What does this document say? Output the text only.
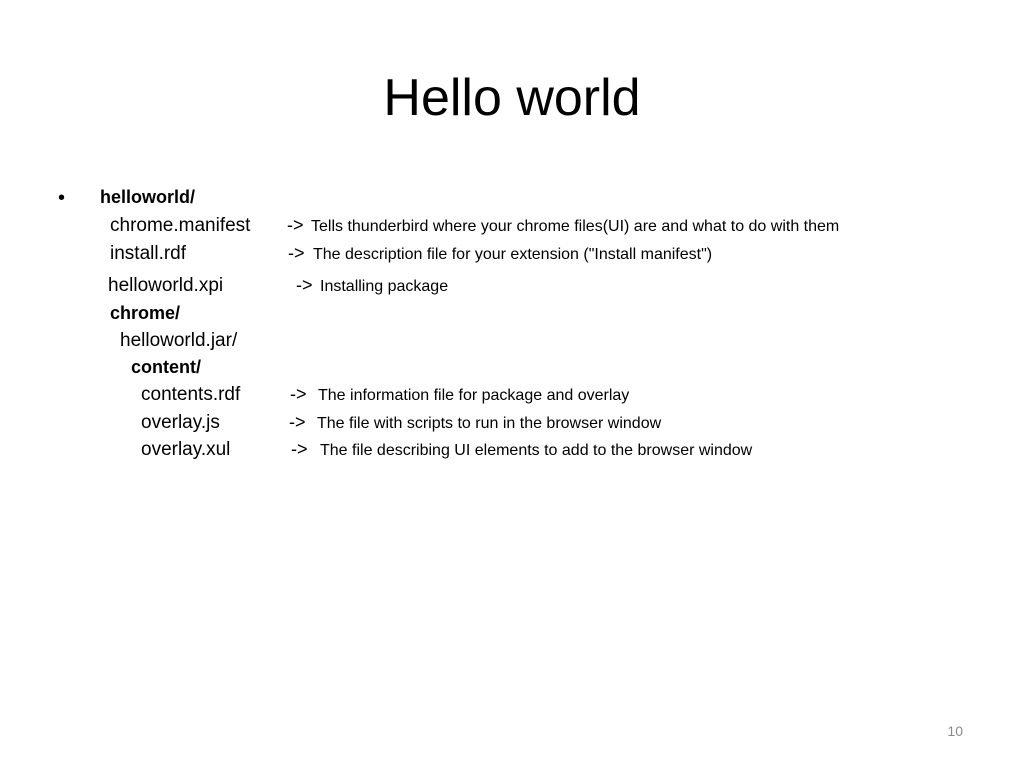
Hello world
• helloworld/
chrome.manifest -> Tells thunderbird where your chrome files(UI) are and what to do with them
install.rdf	-> The description file for your extension ("Install manifest")
helloworld.xpi	-> Installing package
chrome/
helloworld.jar/
content/
contents.rdf	-> The information file for package and overlay
overlay.js	-> The file with scripts to run in the browser window
overlay.xul	-> The file describing UI elements to add to the browser window
10
